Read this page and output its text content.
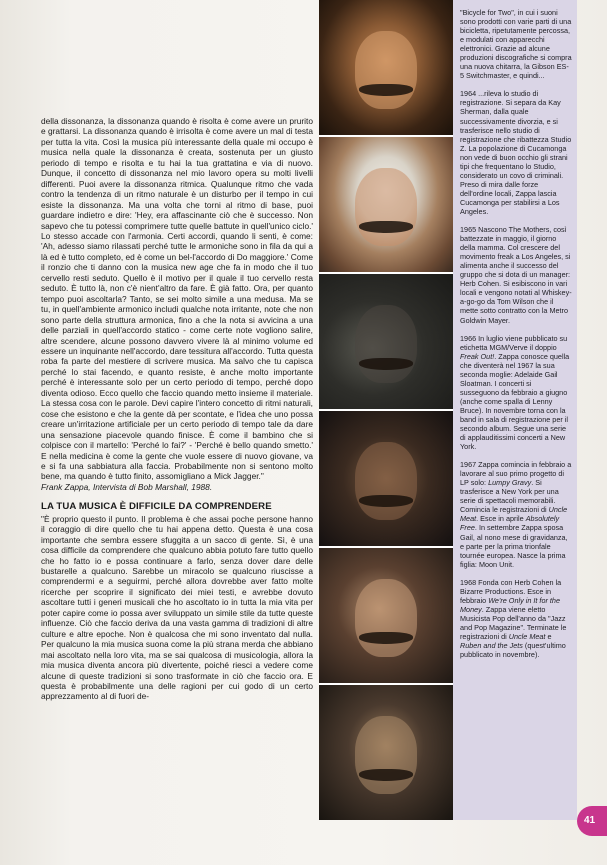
della dissonanza, la dissonanza quando è risolta è come avere un prurito e grattarsi. La dissonanza quando è irrisolta è come avere un mal di testa per tutta la vita. Così la musica più interessante della quale mi occupo è musica nella quale la dissonanza è creata, sostenuta per un giusto periodo di tempo e risolta e tu hai la tua grattatina e via di nuovo. Dunque, il concetto di dissonanza nel mio lavoro opera su molti livelli differenti. Puoi avere la dissonanza ritmica. Qualunque ritmo che vada contro la tendenza di un ritmo naturale è un disturbo per il tempo in cui esiste la dissonanza. Ma una volta che torni al ritmo di base, puoi guardare indietro e dire: 'Hey, era affascinante ciò che è successo. Non sapevo che tu potessi comprimere tutte quelle battute in quell'unico ciclo.' Lo stesso accade con l'armonia. Certi accordi, quando li senti, è come: 'Ah, adesso siamo rilassati perché tutte le armoniche sono in fila da qui a là ed è tutto completo, ed è come un bel-l'accordo di Do maggiore.' Come il ronzio che ti danno con la musica new age che fa in modo che il tuo cervello resti seduto. Quello è il motivo per il quale il tuo cervello resta seduto. È tutto là, non c'è nient'altro da fare. È già fatto. Ora, per quanto tempo puoi ascoltarla? Tanto, se sei molto simile a una medusa. Ma se tu, in quell'ambiente armonico includi qualche nota irritante, note che non sono parte della struttura armonica, fino a che la nota si avvicina a una delle parziali in quell'accordo statico - come certe note vogliono salire, altre scendere, alcune possono davvero vivere là al minimo volume ed essere un inquinante nell'accordo, dare tessitura all'accordo. Tutta questa roba fa parte del mestiere di scrivere musica. Ma salvo che tu capisca perché lo stai facendo, e quanto resiste, è anche molto importante perché è interessante solo per un certo periodo di tempo, perché dopo diventa odioso. Ecco quello che faccio quando metto insieme il materiale. La stessa cosa con le parole. Devi capire l'intero concetto di ritmi naturali, cose che esistono e che la gente dà per scontate, e l'idea che uno possa creare un'irritazione artificiale per un certo periodo di tempo tale da dare una sensazione piacevole quando finisce. È come il bambino che si colpisce con il martello: 'Perché lo fai?' - 'Perché è bello quando smetto.' E nella medicina è come la gente che vuole essere di nuovo giovane, va e si fa una sabbiatura alla faccia. Probabilmente non si sentono molto bene, ma quando è tutto finito, assomigliano a Mick Jagger."

Frank Zappa, Intervista di Bob Marshall, 1988.

LA TUA MUSICA È DIFFICILE DA COMPRENDERE

"È proprio questo il punto. Il problema è che assai poche persone hanno il coraggio di dire quello che tu hai appena detto. Questa è una cosa importante che sembra essere sfuggita a un sacco di gente. Sì, è una cosa difficile da comprendere che qualcuno abbia potuto fare tutto quello che ho fatto io e possa continuare a farlo, senza dover dare delle bustarelle a qualcuno. Sarebbe un miracolo se qualcuno riuscisse a comprendermi e a seguirmi, perché allora dovrebbe aver fatto molte ricerche per scoprire il significato dei miei testi, e avrebbe dovuto ascoltare tutti i generi musicali che ho ascoltato io in tutta la mia vita per poter capire come io possa aver sviluppato un simile stile da tutte queste influenze. Ciò che faccio deriva da una vasta gamma di tradizioni di altre culture e altre epoche. Non è qualcosa che mi sono inventato dal nulla. Per qualcuno la mia musica suona come la più strana merda che abbiano mai ascoltato nella loro vita, ma se sai qualcosa di musicologia, allora la mia musica diventa ancora più divertente, poiché riesci a vedere come alcune di queste tradizioni si sono trasformate in ciò che faccio ora. E questa è probabilmente una delle ragioni per cui godo di un certo apprezzamento al di fuori de-

"Bicycle for Two", in cui i suoni sono prodotti con varie parti di una bicicletta, ripetutamente percossa, e modulati con apparecchi elettronici. Grazie ad alcune produzioni discografiche si compra una nuova chitarra, la Gibson ES-5 Switchmaster, e quindi...

1964 ...rileva lo studio di registrazione. Si separa da Kay Sherman, dalla quale successivamente divorzia, e si trasferisce nello studio di registrazione che ribattezza Studio Z. La popolazione di Cucamonga non vede di buon occhio gli strani tipi che frequentano lo Studio, considerato un covo di criminali. Preso di mira dalle forze dell'ordine locali, Zappa lascia Cucamonga per stabilirsi a Los Angeles.

1965 Nascono The Mothers, così battezzate in maggio, il giorno della mamma. Col crescere del movimento freak a Los Angeles, si alimenta anche il successo del gruppo che si dota di un manager: Herb Cohen. Si esibiscono in vari locali e vengono notati al Whiskey-a-go-go da Tom Wilson che il mette sotto contratto con la Metro Goldwin Mayer.

1966 In luglio viene pubblicato su etichetta MGM/Verve il doppio Freak Out!. Zappa conosce quella che diventerà nel 1967 la sua seconda moglie: Adelaide Gail Sloatman. I concerti si susseguono da febbraio a giugno (anche come spalla di Lenny Bruce). In novembre torna con la band in sala di registrazione per il secondo album. Segue una serie di applauditissimi concerti a New York.

1967 Zappa comincia in febbraio a lavorare al suo primo progetto di LP solo: Lumpy Gravy. Si trasferisce a New York per una serie di spettacoli memorabili. Comincia le registrazioni di Uncle Meat. Esce in aprile Absolutely Free. In settembre Zappa sposa Gail, al nono mese di gravidanza, e parte per la prima trionfale tournée europea. Nasce la prima figlia: Moon Unit.

1968 Fonda con Herb Cohen la Bizarre Productions. Esce in febbraio We're Only in It for the Money. Zappa viene eletto Musicista Pop dell'anno da "Jazz and Pop Magazine". Terminate le registrazioni di Uncle Meat e Ruben and the Jets (quest'ultimo pubblicato in novembre).

41
